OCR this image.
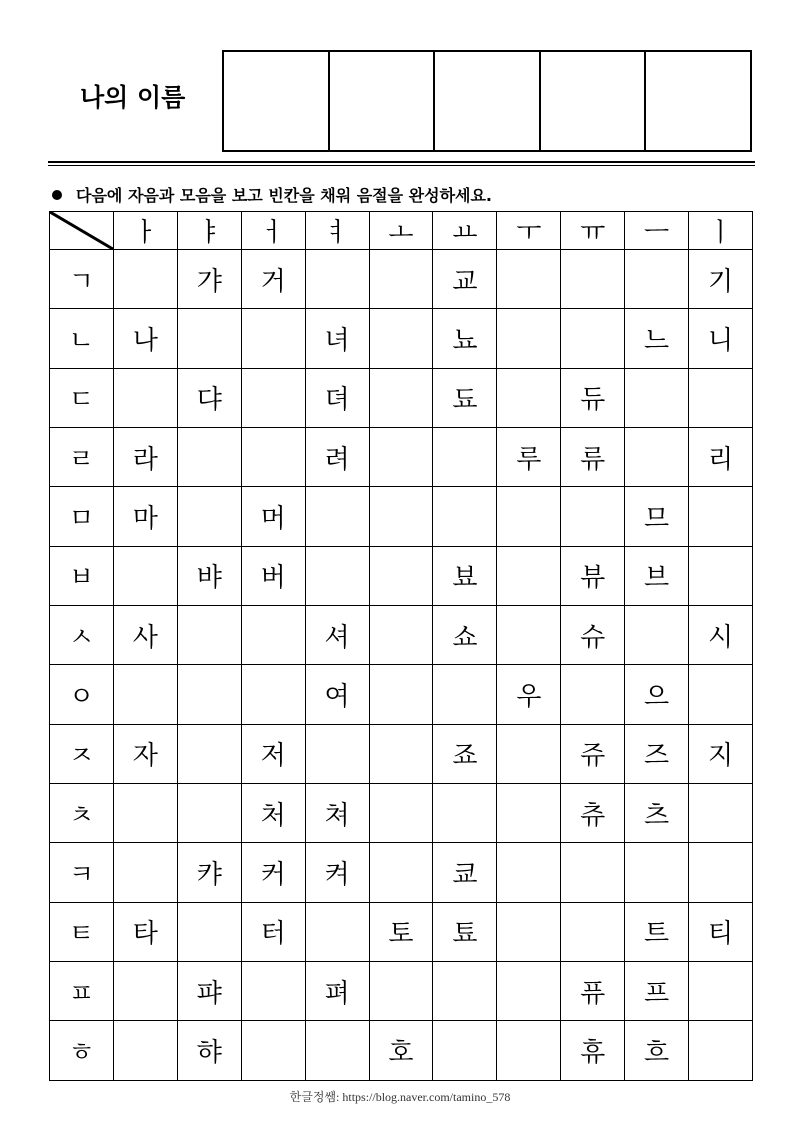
나의 이름
다음에 자음과 모음을 보고 빈칸을 채워 음절을 완성하세요.
	ㅏ	ㅑ	ㅓ	ㅕ	ㅗ	ㅛ	ㅜ	ㅠ	ㅡ	ㅣ
ㄱ		갸	거			교				기
ㄴ	나			녀		뇨			느	니
ㄷ		댜		뎌		됴		듀		
ㄹ	라			려			루	류		리
ㅁ	마		머						므	
ㅂ		뱌	버			뵤		뷰	브	
ㅅ	사			셔		쇼		슈		시
ㅇ				여			우		으	
ㅈ	자		저			죠		쥬	즈	지
ㅊ			처	쳐				츄	츠	
ㅋ		캬	커	켜		쿄				
ㅌ	타		터		토	툐			트	티
ㅍ		퍄		펴				퓨	프	
ㅎ		햐			호			휴	흐	
한글정쌤: https://blog.naver.com/tamino_578
